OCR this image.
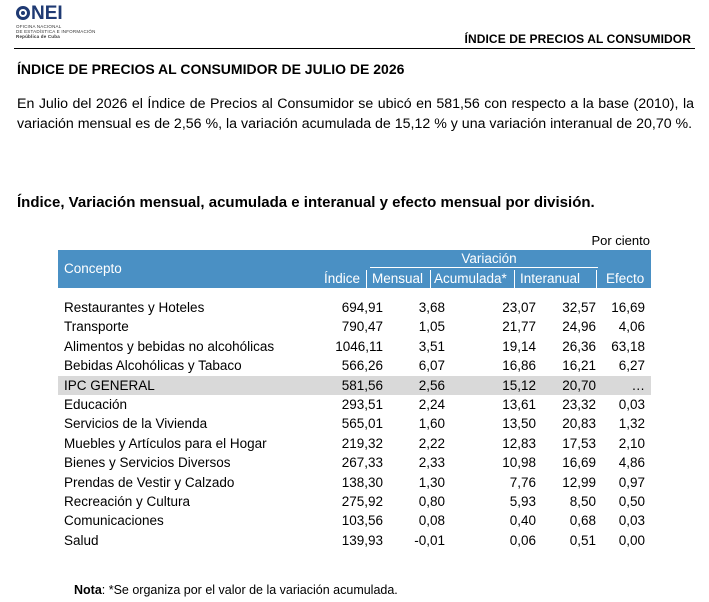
NEI
OFICINA NACIONAL
DE ESTADÍSTICA E INFORMACIÓN
República de Cuba	ÍNDICE DE PRECIOS AL CONSUMIDOR
ÍNDICE DE PRECIOS AL CONSUMIDOR DE JULIO DE 2026
En Julio del 2026 el Índice de Precios al Consumidor se ubicó en 581,56 con respecto a la base (2010), la variación mensual es de 2,56 %, la variación acumulada de 15,12 % y una variación interanual de 20,70 %.
Índice, Variación mensual, acumulada e interanual y efecto mensual por división.
Por ciento
Concepto
Variación
Índice Mensual Acumulada* Interanual Efecto
Restaurantes y Hoteles	694,91	3,68	23,07 32,57 16,69
Transporte	790,47	1,05	21,77 24,96 4,06
Alimentos y bebidas no alcohólicas	1046,11	3,51	19,14 26,36 63,18
Bebidas Alcohólicas y Tabaco	566,26	6,07	16,86 16,21 6,27
IPC GENERAL	581,56	2,56	15,12 20,70	…
Educación	293,51	2,24	13,61 23,32 0,03
Servicios de la Vivienda	565,01	1,60	13,50 20,83 1,32
Muebles y Artículos para el Hogar	219,32	2,22	12,83 17,53 2,10
Bienes y Servicios Diversos	267,33	2,33	10,98 16,69 4,86
Prendas de Vestir y Calzado	138,30	1,30	7,76 12,99 0,97
Recreación y Cultura	275,92	0,80	5,93 8,50 0,50
Comunicaciones	103,56	0,08	0,40 0,68 0,03
Salud	139,93 -0,01	0,06 0,51 0,00
Nota: *Se organiza por el valor de la variación acumulada.
